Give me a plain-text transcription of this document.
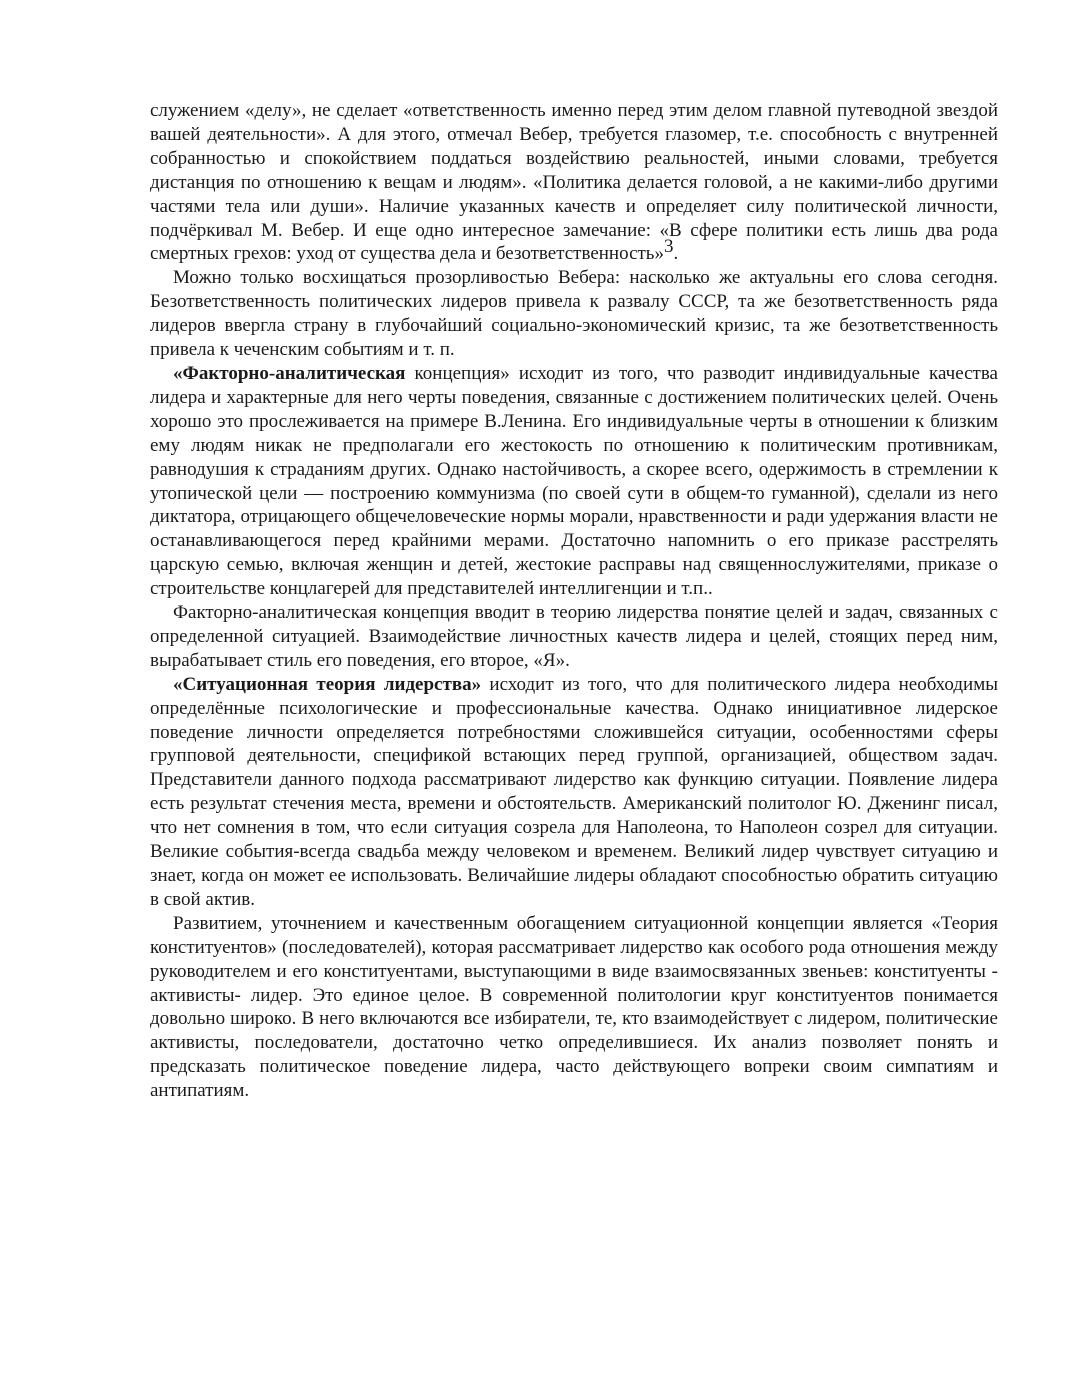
служением «делу», не сделает «ответственность именно перед этим делом главной путеводной звездой вашей деятельности». А для этого, отмечал Вебер, требуется глазомер, т.е. способность с внутренней собранностью и спокойствием поддаться воздействию реальностей, иными словами, требуется дистанция по отношению к вещам и людям». «Политика делается головой, а не какими-либо другими частями тела или души». Наличие указанных качеств и определяет силу политической личности, подчёркивал М. Вебер. И еще одно интересное замечание: «В сфере политики есть лишь два рода смертных грехов: уход от существа дела и безответственность»3.

Можно только восхищаться прозорливостью Вебера: насколько же актуальны его слова сегодня. Безответственность политических лидеров привела к развалу СССР, та же безответственность ряда лидеров ввергла страну в глубочайший социально-экономический кризис, та же безответственность привела к чеченским событиям и т. п.

«Факторно-аналитическая концепция» исходит из того, что разводит индивидуальные качества лидера и характерные для него черты поведения, связанные с достижением политических целей. Очень хорошо это прослеживается на примере В.Ленина. Его индивидуальные черты в отношении к близким ему людям никак не предполагали его жестокость по отношению к политическим противникам, равнодушия к страданиям других. Однако настойчивость, а скорее всего, одержимость в стремлении к утопической цели — построению коммунизма (по своей сути в общем-то гуманной), сделали из него диктатора, отрицающего общечеловеческие нормы морали, нравственности и ради удержания власти не останавливающегося перед крайними мерами. Достаточно напомнить о его приказе расстрелять царскую семью, включая женщин и детей, жестокие расправы над священнослужителями, приказе о строительстве концлагерей для представителей интеллигенции и т.п..

Факторно-аналитическая концепция вводит в теорию лидерства понятие целей и задач, связанных с определенной ситуацией. Взаимодействие личностных качеств лидера и целей, стоящих перед ним, вырабатывает стиль его поведения, его второе, «Я».

«Ситуационная теория лидерства» исходит из того, что для политического лидера необходимы определённые психологические и профессиональные качества. Однако инициативное лидерское поведение личности определяется потребностями сложившейся ситуации, особенностями сферы групповой деятельности, спецификой встающих перед группой, организацией, обществом задач. Представители данного подхода рассматривают лидерство как функцию ситуации. Появление лидера есть результат стечения места, времени и обстоятельств. Американский политолог Ю. Дженинг писал, что нет сомнения в том, что если ситуация созрела для Наполеона, то Наполеон созрел для ситуации. Великие события-всегда свадьба между человеком и временем. Великий лидер чувствует ситуацию и знает, когда он может ее использовать. Величайшие лидеры обладают способностью обратить ситуацию в свой актив.

Развитием, уточнением и качественным обогащением ситуационной концепции является «Теория конституентов» (последователей), которая рассматривает лидерство как особого рода отношения между руководителем и его конституентами, выступающими в виде взаимосвязанных звеньев: конституенты - активисты- лидер. Это единое целое. В современной политологии круг конституентов понимается довольно широко. В него включаются все избиратели, те, кто взаимодействует с лидером, политические активисты, последователи, достаточно четко определившиеся. Их анализ позволяет понять и предсказать политическое поведение лидера, часто действующего вопреки своим симпатиям и антипатиям.
